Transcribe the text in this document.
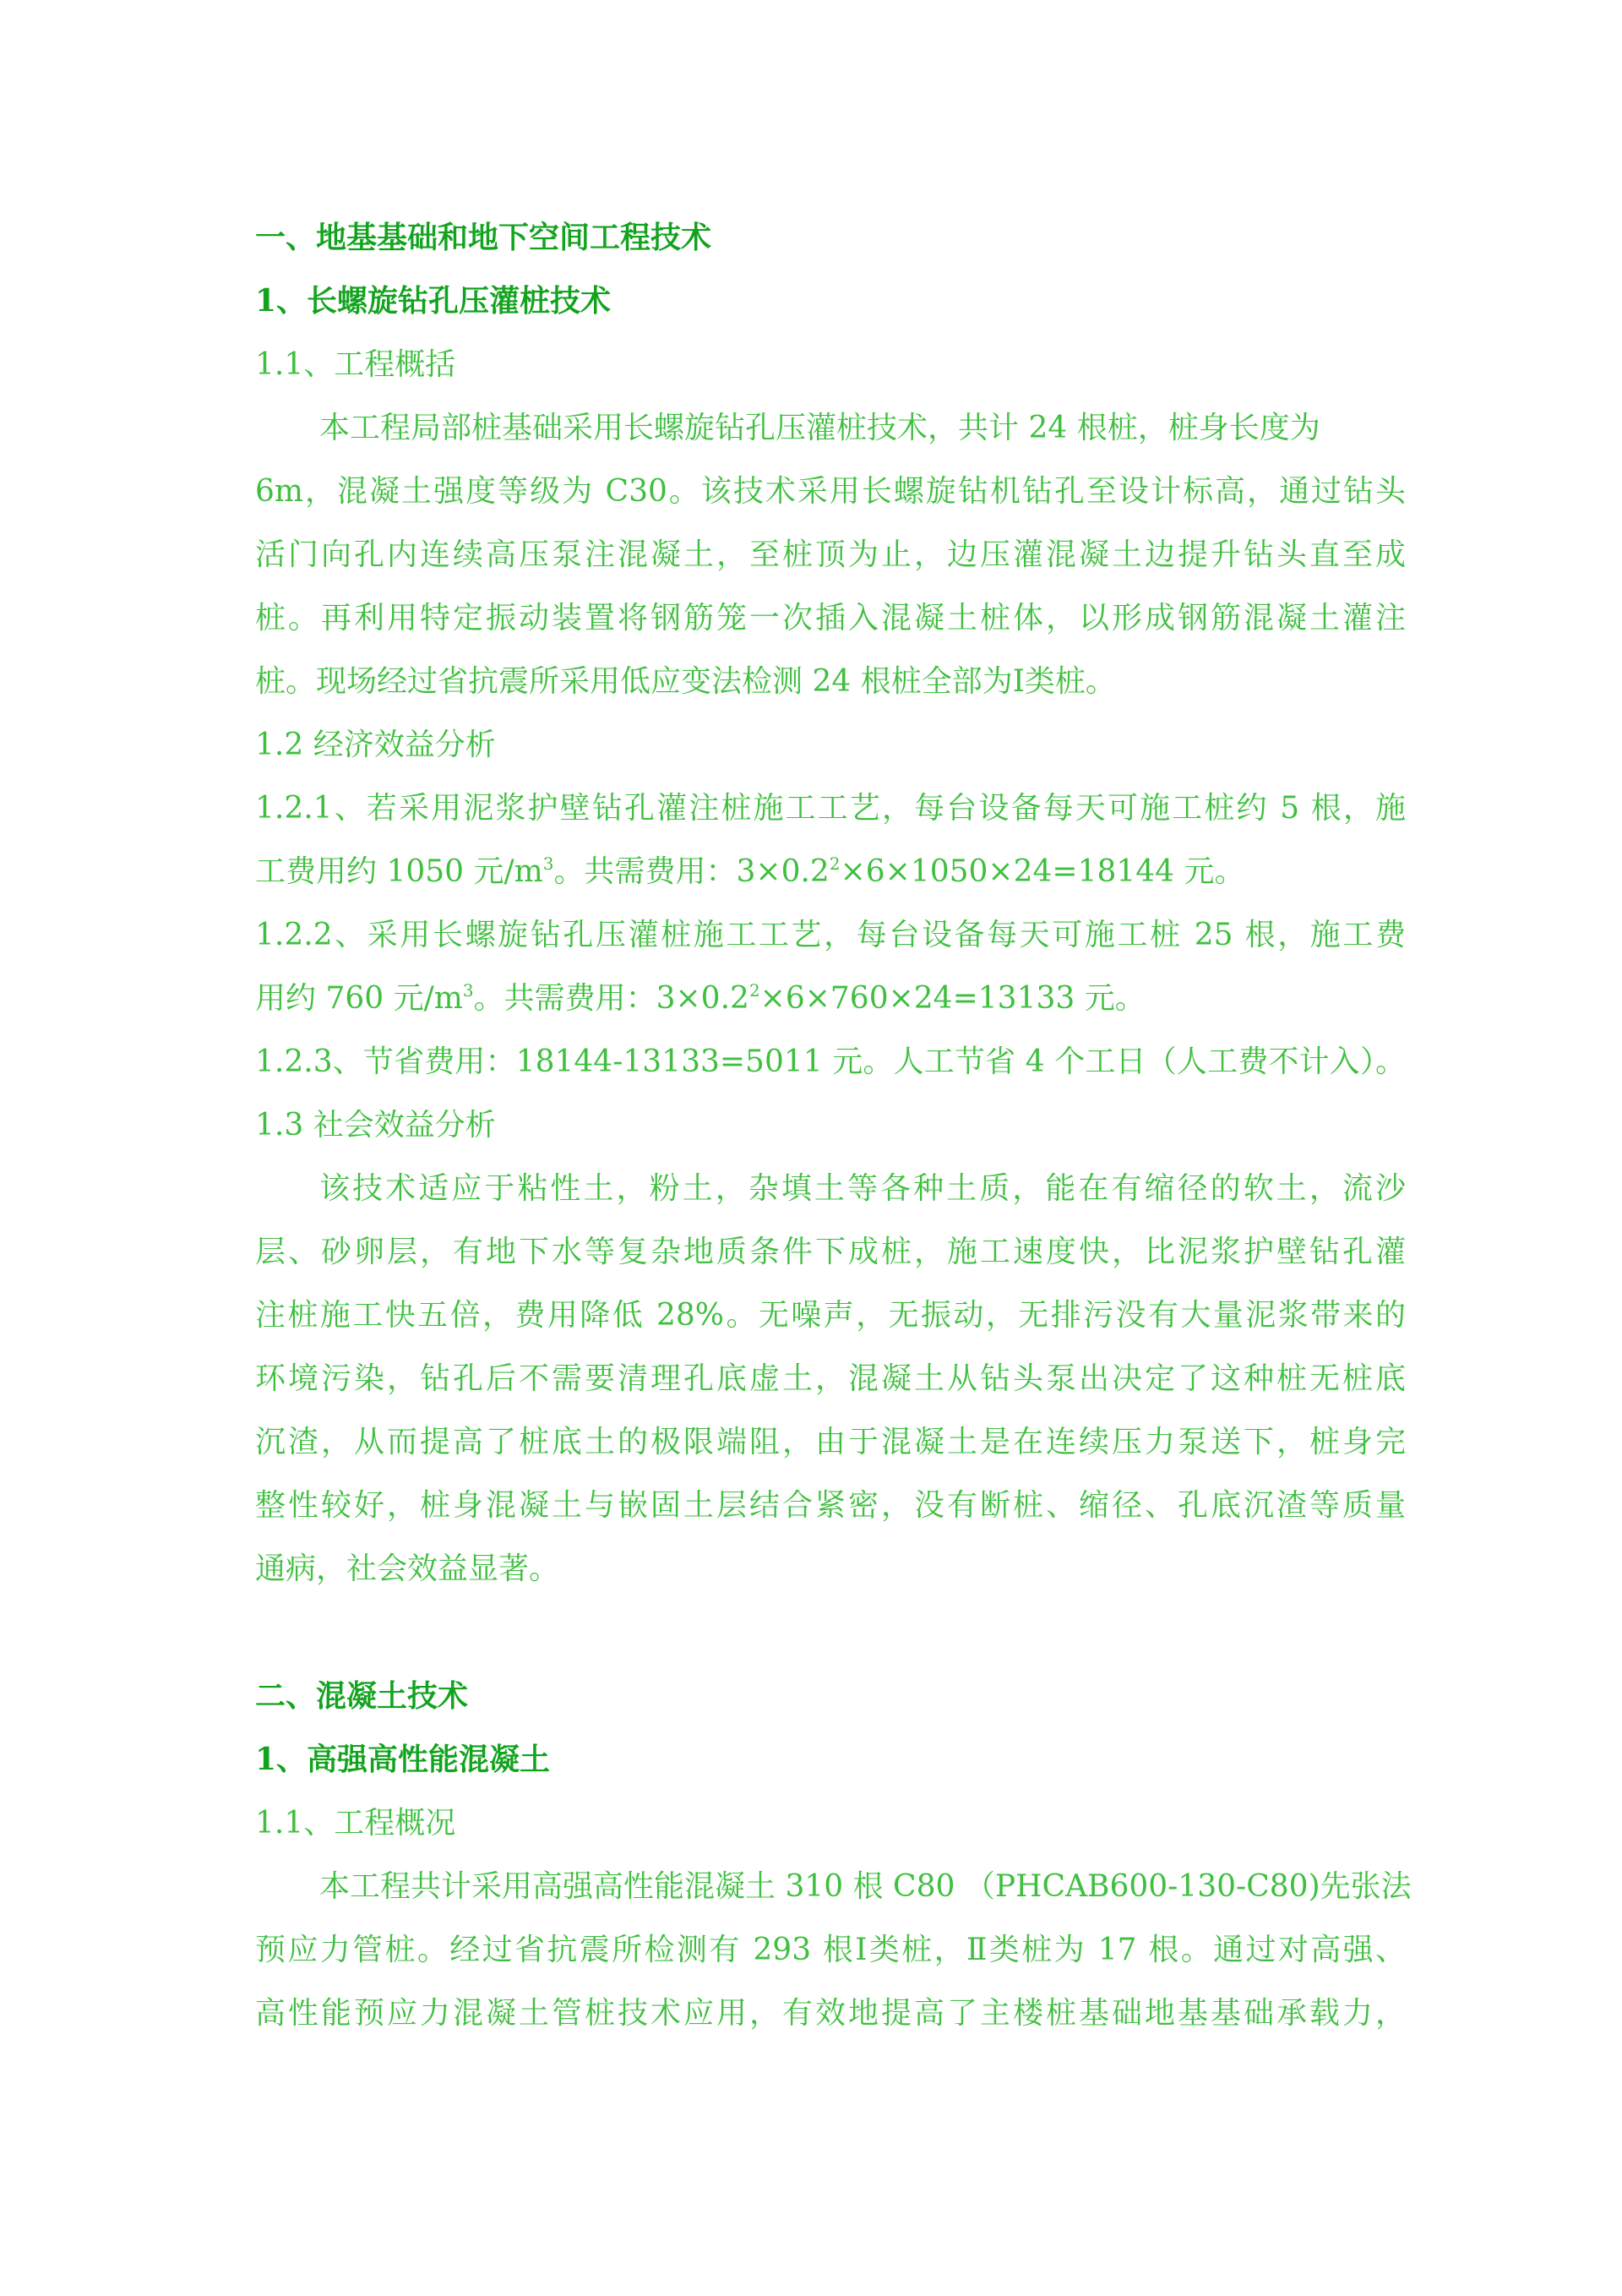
一、地基基础和地下空间工程技术
1、长螺旋钻孔压灌桩技术
1.1、工程概括
本工程局部桩基础采用长螺旋钻孔压灌桩技术，共计 24 根桩，桩身长度为
6m，混凝土强度等级为 C30。该技术采用长螺旋钻机钻孔至设计标高，通过钻头
活门向孔内连续高压泵注混凝土，至桩顶为止，边压灌混凝土边提升钻头直至成
桩。再利用特定振动装置将钢筋笼一次插入混凝土桩体，以形成钢筋混凝土灌注
桩。现场经过省抗震所采用低应变法检测 24 根桩全部为Ⅰ类桩。
1.2 经济效益分析
1.2.1、若采用泥浆护壁钻孔灌注桩施工工艺，每台设备每天可施工桩约 5 根，施
工费用约 1050 元$/m^3$。共需费用：$3\times 0.2^2\times 6\times 1050\times 24=18144$ 元。
1.2.2、采用长螺旋钻孔压灌桩施工工艺，每台设备每天可施工桩 25 根，施工费
用约 760 元$/m^3$。共需费用：$3\times 0.2^2\times 6\times 760\times 24=13133$ 元。
1.2.3、节省费用：18144-13133=5011 元。人工节省 4 个工日（人工费不计入）。
1.3 社会效益分析
该技术适应于粘性土，粉土，杂填土等各种土质，能在有缩径的软土，流沙
层、砂卵层，有地下水等复杂地质条件下成桩，施工速度快，比泥浆护壁钻孔灌
注桩施工快五倍，费用降低 28%。无噪声，无振动，无排污没有大量泥浆带来的
环境污染，钻孔后不需要清理孔底虚土，混凝土从钻头泵出决定了这种桩无桩底
沉渣，从而提高了桩底土的极限端阻，由于混凝土是在连续压力泵送下，桩身完
整性较好，桩身混凝土与嵌固土层结合紧密，没有断桩、缩径、孔底沉渣等质量
通病，社会效益显著。
二、混凝土技术
1、高强高性能混凝土
1.1、工程概况
本工程共计采用高强高性能混凝土 310 根 C80 （PHCAB600-130-C80)先张法
预应力管桩。经过省抗震所检测有 293 根Ⅰ类桩，Ⅱ类桩为 17 根。通过对高强、
高性能预应力混凝土管桩技术应用，有效地提高了主楼桩基础地基基础承载力，
